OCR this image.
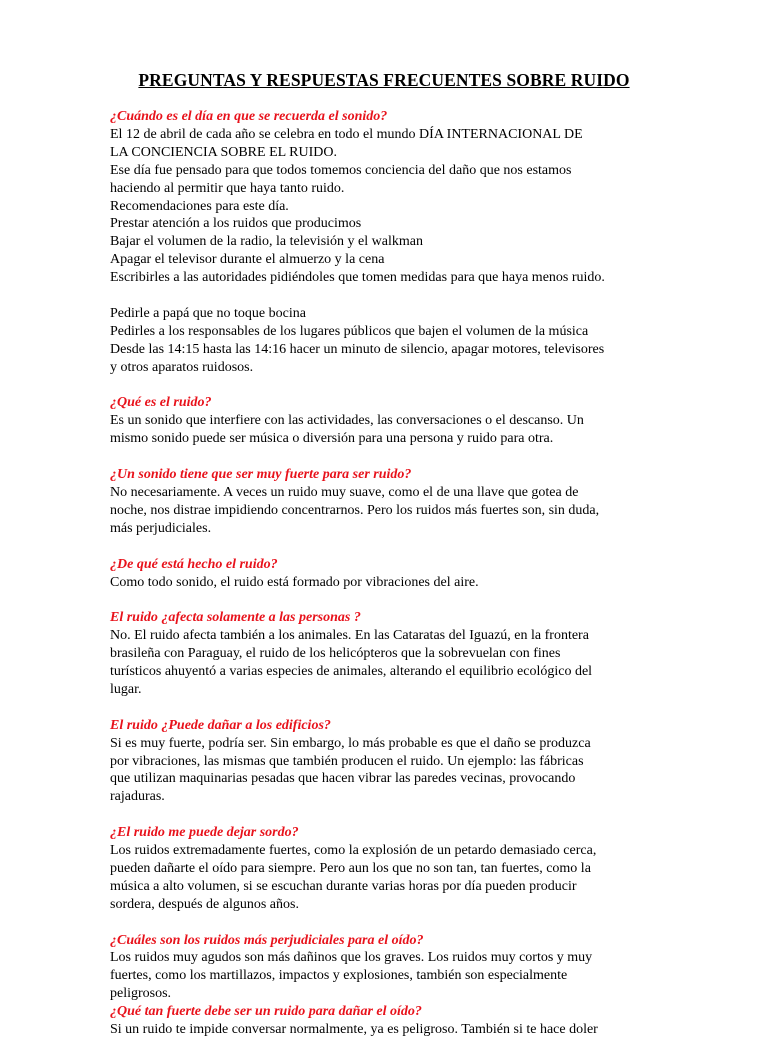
PREGUNTAS Y RESPUESTAS FRECUENTES SOBRE RUIDO
¿Cuándo es el día en que se recuerda el sonido?
El 12 de abril de cada año se celebra en todo el mundo DÍA INTERNACIONAL DE
LA CONCIENCIA SOBRE EL RUIDO.
Ese día fue pensado para que todos tomemos conciencia del daño que nos estamos
haciendo al permitir que haya tanto ruido.
Recomendaciones para este día.
Prestar atención a los ruidos que producimos
Bajar el volumen de la radio, la televisión y el walkman
Apagar el televisor durante el almuerzo y la cena
Escribirles a las autoridades pidiéndoles que tomen medidas para que haya menos ruido.
Pedirle a papá que no toque bocina
Pedirles a los responsables de los lugares públicos que bajen el volumen de la música
Desde las 14:15 hasta las 14:16 hacer un minuto de silencio, apagar motores, televisores
y otros aparatos ruidosos.
¿Qué es el ruido?
Es un sonido que interfiere con las actividades, las conversaciones o el descanso. Un
mismo sonido puede ser música o diversión para una persona y ruido para otra.
¿Un sonido tiene que ser muy fuerte para ser ruido?
No necesariamente. A veces un ruido muy suave, como el de una llave que gotea de
noche, nos distrae impidiendo concentrarnos. Pero los ruidos más fuertes son, sin duda,
más perjudiciales.
¿De qué está hecho el ruido?
Como todo sonido, el ruido está formado por vibraciones del aire.
El ruido ¿afecta solamente a las personas ?
No. El ruido afecta también a los animales. En las Cataratas del Iguazú, en la frontera
brasileña con Paraguay, el ruido de los helicópteros que la sobrevuelan con fines
turísticos ahuyentó a varias especies de animales, alterando el equilibrio ecológico del
lugar.
El ruido ¿Puede dañar a los edificios?
Si es muy fuerte, podría ser. Sin embargo, lo más probable es que el daño se produzca
por vibraciones, las mismas que también producen el ruido. Un ejemplo: las fábricas
que utilizan maquinarias pesadas que hacen vibrar las paredes vecinas, provocando
rajaduras.
¿El ruido me puede dejar sordo?
Los ruidos extremadamente fuertes, como la explosión de un petardo demasiado cerca,
pueden dañarte el oído para siempre. Pero aun los que no son tan, tan fuertes, como la
música a alto volumen, si se escuchan durante varias horas por día pueden producir
sordera, después de algunos años.
¿Cuáles son los ruidos más perjudiciales para el oído?
Los ruidos muy agudos son más dañinos que los graves. Los ruidos muy cortos y muy
fuertes, como los martillazos, impactos y explosiones, también son especialmente
peligrosos.
¿Qué tan fuerte debe ser un ruido para dañar el oído?
Si un ruido te impide conversar normalmente, ya es peligroso. También si te hace doler
